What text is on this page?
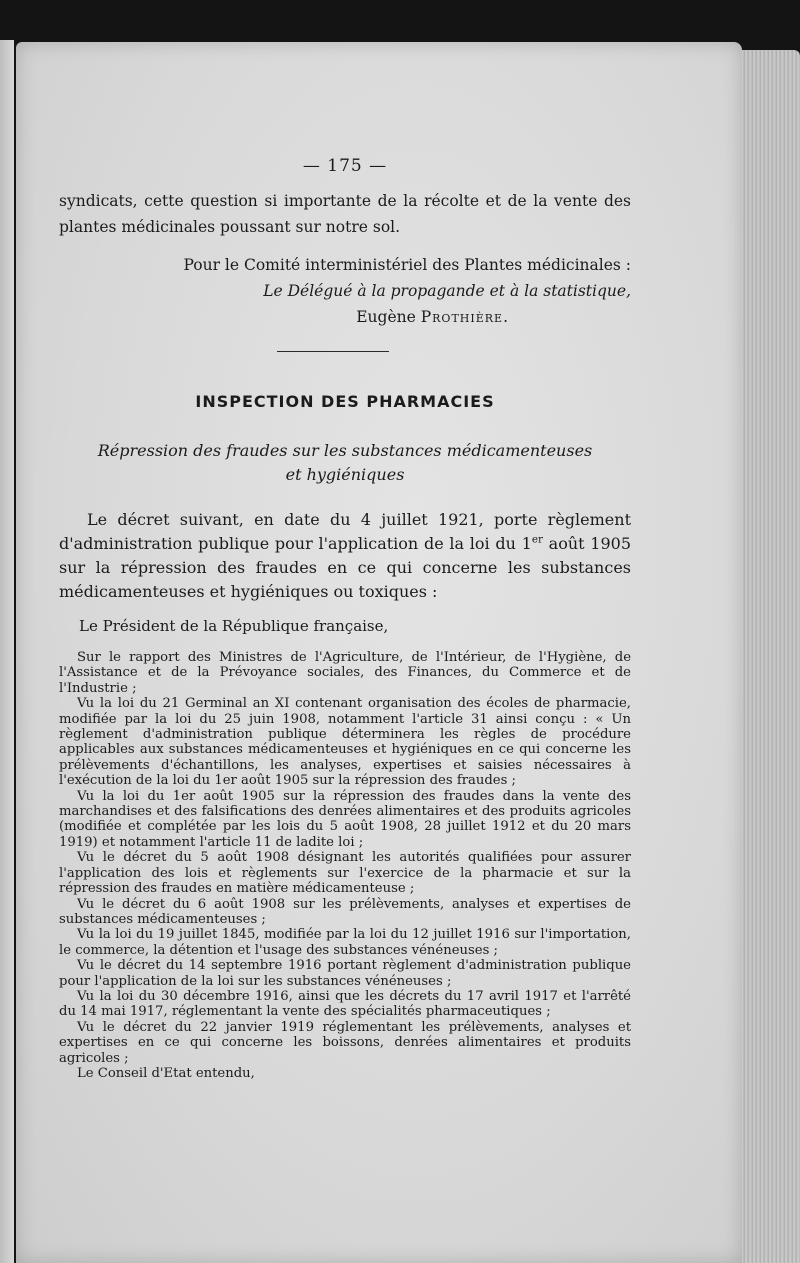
— 175 —
syndicats, cette question si importante de la récolte et de la vente des plantes médicinales poussant sur notre sol.
Pour le Comité interministériel des Plantes médicinales :
Le Délégué à la propagande et à la statistique,
Eugène Prothière.
INSPECTION DES PHARMACIES
Répression des fraudes sur les substances médicamenteuses
et hygiéniques
Le décret suivant, en date du 4 juillet 1921, porte règlement d'administration publique pour l'application de la loi du 1er août 1905 sur la répression des fraudes en ce qui concerne les substances médicamenteuses et hygiéniques ou toxiques :
Le Président de la République française,

Sur le rapport des Ministres de l'Agriculture, de l'Intérieur, de l'Hygiène, de l'Assistance et de la Prévoyance sociales, des Finances, du Commerce et de l'Industrie ;

Vu la loi du 21 Germinal an XI contenant organisation des écoles de pharmacie, modifiée par la loi du 25 juin 1908, notamment l'article 31 ainsi conçu : « Un règlement d'administration publique déterminera les règles de procédure applicables aux substances médicamenteuses et hygiéniques en ce qui concerne les prélèvements d'échantillons, les analyses, expertises et saisies nécessaires à l'exécution de la loi du 1er août 1905 sur la répression des fraudes ;

Vu la loi du 1er août 1905 sur la répression des fraudes dans la vente des marchandises et des falsifications des denrées alimentaires et des produits agricoles (modifiée et complétée par les lois du 5 août 1908, 28 juillet 1912 et du 20 mars 1919) et notamment l'article 11 de ladite loi ;

Vu le décret du 5 août 1908 désignant les autorités qualifiées pour assurer l'application des lois et règlements sur l'exercice de la pharmacie et sur la répression des fraudes en matière médicamenteuse ;

Vu le décret du 6 août 1908 sur les prélèvements, analyses et expertises de substances médicamenteuses ;

Vu la loi du 19 juillet 1845, modifiée par la loi du 12 juillet 1916 sur l'importation, le commerce, la détention et l'usage des substances vénéneuses ;

Vu le décret du 14 septembre 1916 portant règlement d'administration publique pour l'application de la loi sur les substances vénéneuses ;

Vu la loi du 30 décembre 1916, ainsi que les décrets du 17 avril 1917 et l'arrêté du 14 mai 1917, réglementant la vente des spécialités pharmaceutiques ;

Vu le décret du 22 janvier 1919 réglementant les prélèvements, analyses et expertises en ce qui concerne les boissons, denrées alimentaires et produits agricoles ;

Le Conseil d'Etat entendu,
